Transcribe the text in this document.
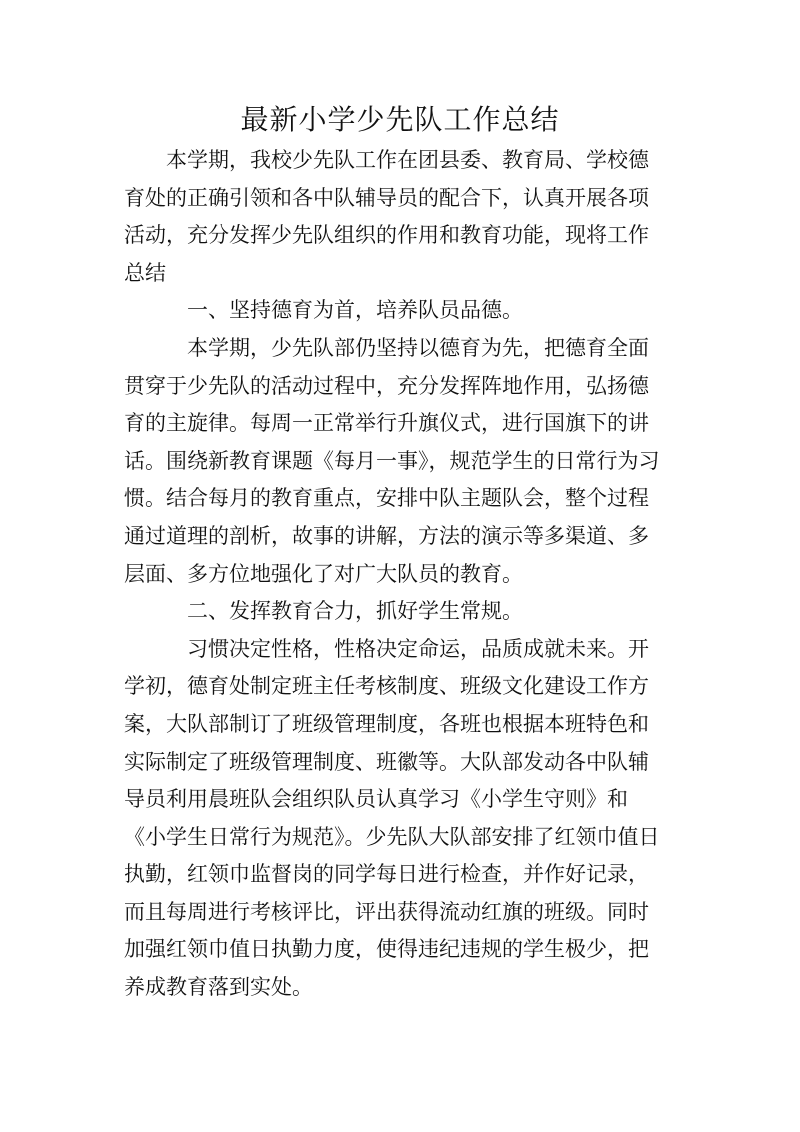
最新小学少先队工作总结
本学期，我校少先队工作在团县委、教育局、学校德
育处的正确引领和各中队辅导员的配合下，认真开展各项
活动，充分发挥少先队组织的作用和教育功能，现将工作
总结
一、坚持德育为首，培养队员品德。
本学期，少先队部仍坚持以德育为先，把德育全面
贯穿于少先队的活动过程中，充分发挥阵地作用，弘扬德
育的主旋律。每周一正常举行升旗仪式，进行国旗下的讲
话。围绕新教育课题《每月一事》，规范学生的日常行为习
惯。结合每月的教育重点，安排中队主题队会，整个过程
通过道理的剖析，故事的讲解，方法的演示等多渠道、多
层面、多方位地强化了对广大队员的教育。
二、发挥教育合力，抓好学生常规。
习惯决定性格，性格决定命运，品质成就未来。开
学初，德育处制定班主任考核制度、班级文化建设工作方
案，大队部制订了班级管理制度，各班也根据本班特色和
实际制定了班级管理制度、班徽等。大队部发动各中队辅
导员利用晨班队会组织队员认真学习《小学生守则》和
《小学生日常行为规范》。少先队大队部安排了红领巾值日
执勤，红领巾监督岗的同学每日进行检查，并作好记录，
而且每周进行考核评比，评出获得流动红旗的班级。同时
加强红领巾值日执勤力度，使得违纪违规的学生极少，把
养成教育落到实处。
